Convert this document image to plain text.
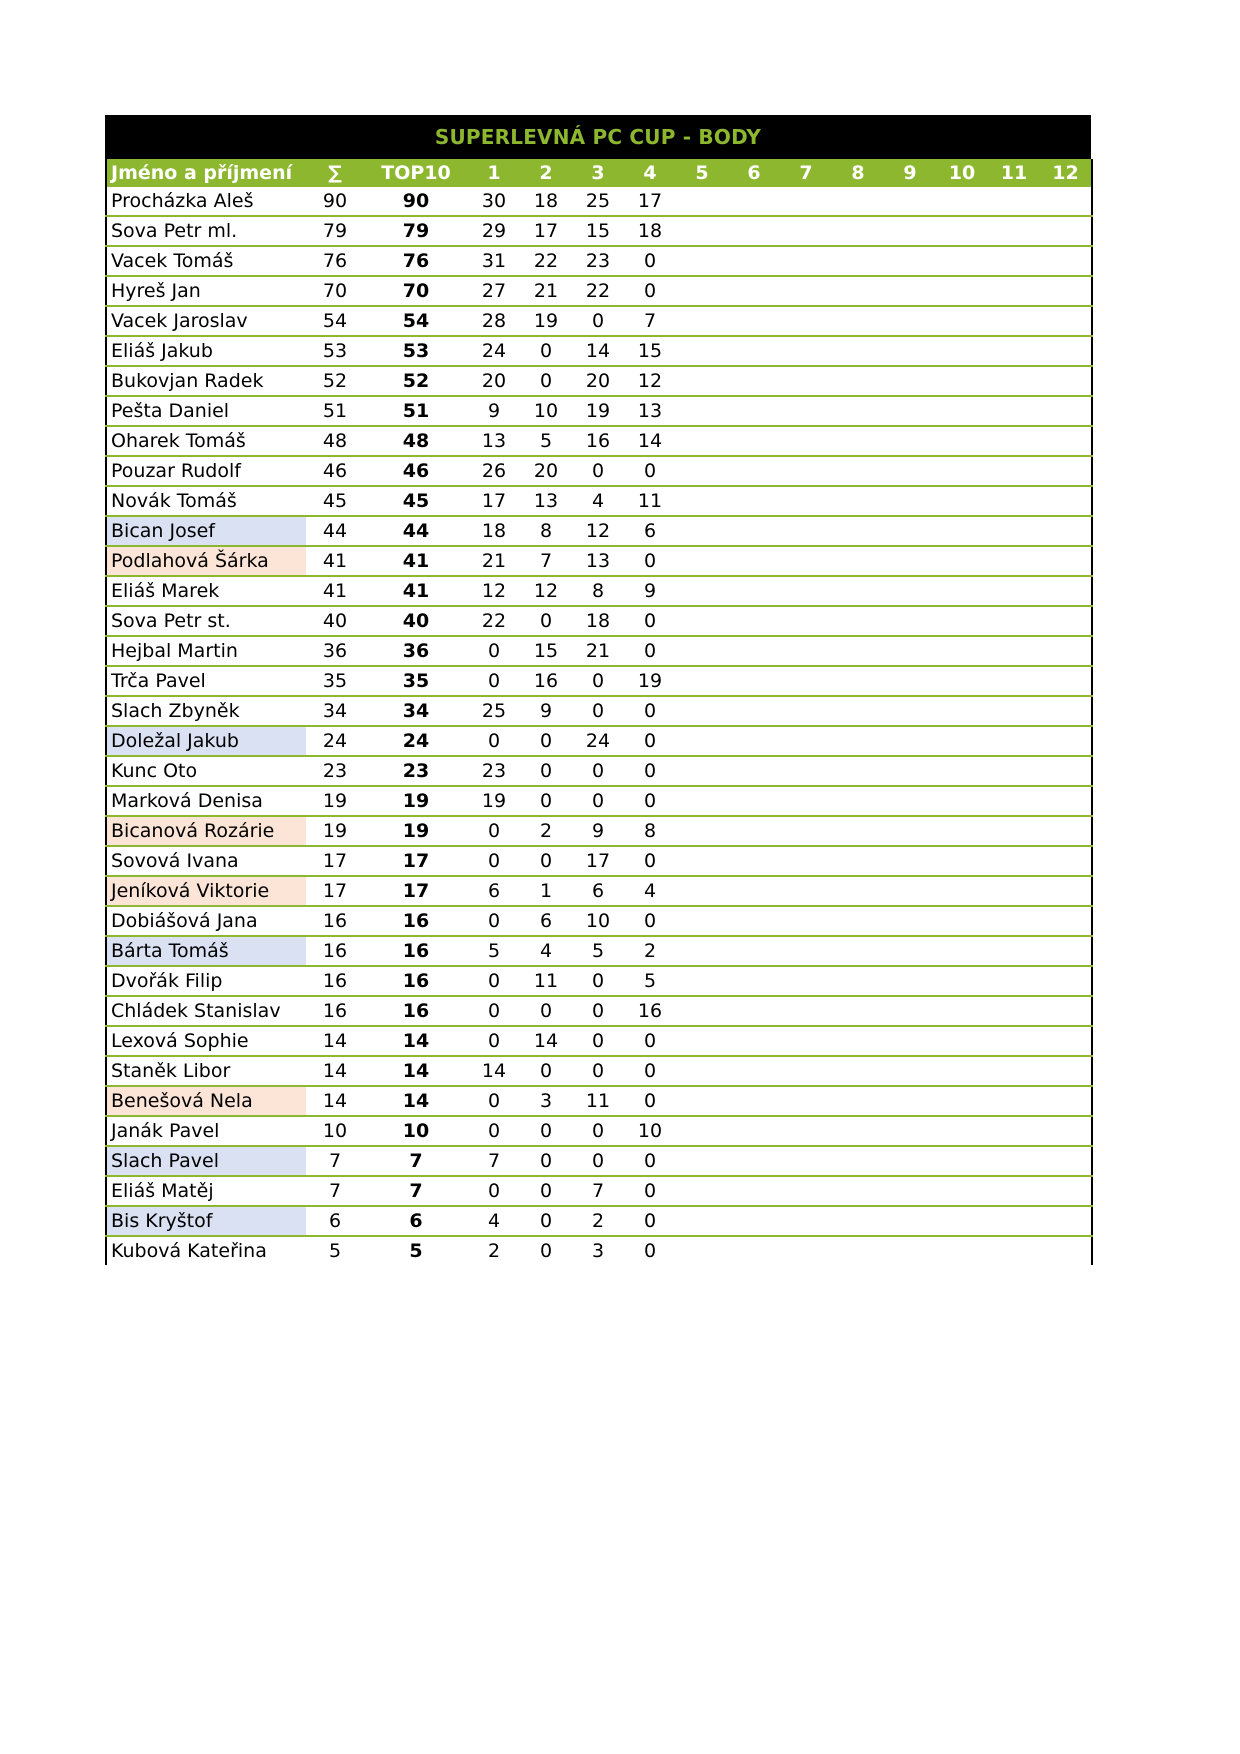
SUPERLEVNÁ PC CUP - BODY
Jméno a příjmení	∑	TOP10	1	2	3	4	5	6	7	8	9	10	11	12
Procházka Aleš	90	90	30	18	25	17								
Sova Petr ml.	79	79	29	17	15	18								
Vacek Tomáš	76	76	31	22	23	0								
Hyreš Jan	70	70	27	21	22	0								
Vacek Jaroslav	54	54	28	19	0	7								
Eliáš Jakub	53	53	24	0	14	15								
Bukovjan Radek	52	52	20	0	20	12								
Pešta Daniel	51	51	9	10	19	13								
Oharek Tomáš	48	48	13	5	16	14								
Pouzar Rudolf	46	46	26	20	0	0								
Novák Tomáš	45	45	17	13	4	11								
Bican Josef	44	44	18	8	12	6								
Podlahová Šárka	41	41	21	7	13	0								
Eliáš Marek	41	41	12	12	8	9								
Sova Petr st.	40	40	22	0	18	0								
Hejbal Martin	36	36	0	15	21	0								
Trča Pavel	35	35	0	16	0	19								
Slach Zbyněk	34	34	25	9	0	0								
Doležal Jakub	24	24	0	0	24	0								
Kunc Oto	23	23	23	0	0	0								
Marková Denisa	19	19	19	0	0	0								
Bicanová Rozárie	19	19	0	2	9	8								
Sovová Ivana	17	17	0	0	17	0								
Jeníková Viktorie	17	17	6	1	6	4								
Dobiášová Jana	16	16	0	6	10	0								
Bárta Tomáš	16	16	5	4	5	2								
Dvořák Filip	16	16	0	11	0	5								
Chládek Stanislav	16	16	0	0	0	16								
Lexová Sophie	14	14	0	14	0	0								
Staněk Libor	14	14	14	0	0	0								
Benešová Nela	14	14	0	3	11	0								
Janák Pavel	10	10	0	0	0	10								
Slach Pavel	7	7	7	0	0	0								
Eliáš Matěj	7	7	0	0	7	0								
Bis Kryštof	6	6	4	0	2	0								
Kubová Kateřina	5	5	2	0	3	0								
